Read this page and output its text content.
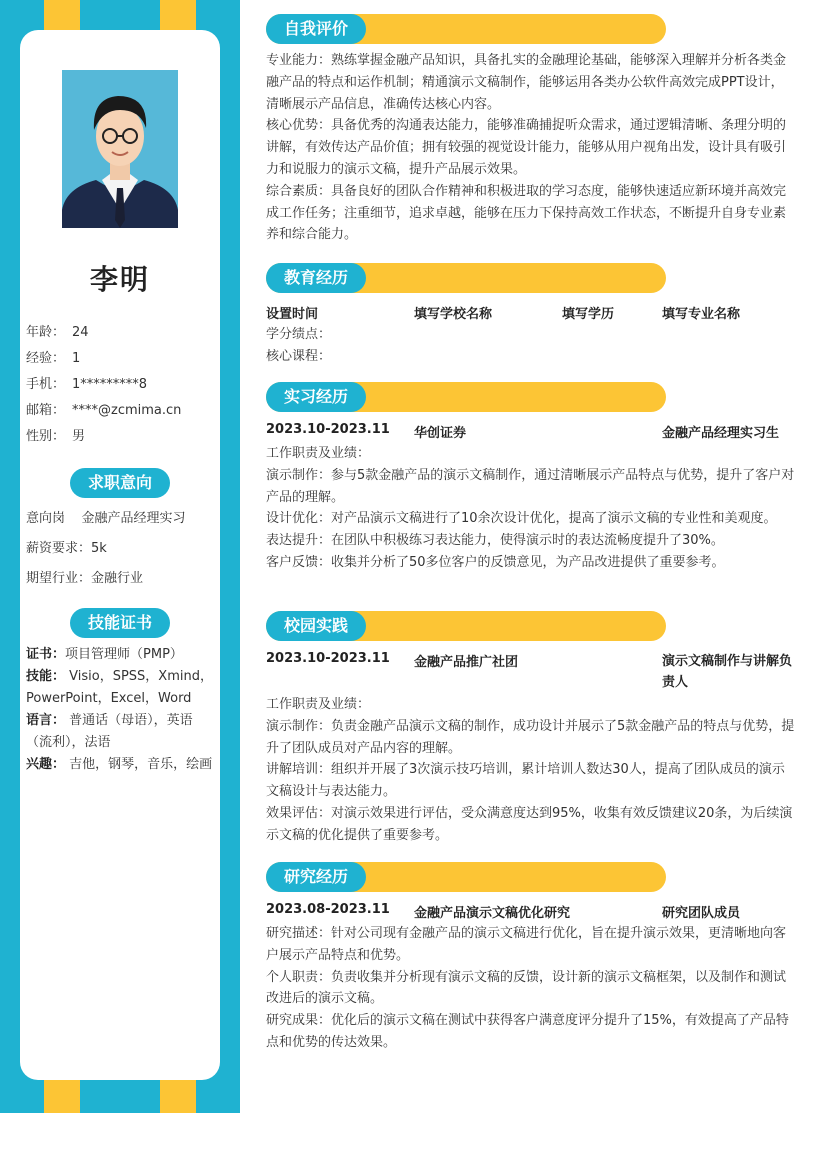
李明
年龄： 24
经验： 1
手机： 1*********8
邮箱： ****@zcmima.cn
性别： 男
求职意向
意向岗    金融产品经理实习
薪资要求：5k
期望行业：金融行业
技能证书
证书：项目管理师（PMP）
技能： Visio，SPSS，Xmind，PowerPoint，Excel，Word
语言： 普通话（母语），英语（流利），法语
兴趣： 吉他，钢琴，音乐，绘画
自我评价
专业能力：熟练掌握金融产品知识，具备扎实的金融理论基础，能够深入理解并分析各类金融产品的特点和运作机制；精通演示文稿制作，能够运用各类办公软件高效完成PPT设计，清晰展示产品信息，准确传达核心内容。
核心优势：具备优秀的沟通表达能力，能够准确捕捉听众需求，通过逻辑清晰、条理分明的讲解，有效传达产品价值；拥有较强的视觉设计能力，能够从用户视角出发，设计具有吸引力和说服力的演示文稿，提升产品展示效果。
综合素质：具备良好的团队合作精神和积极进取的学习态度，能够快速适应新环境并高效完成工作任务；注重细节，追求卓越，能够在压力下保持高效工作状态，不断提升自身专业素养和综合能力。
教育经历
设置时间	填写学校名称	填写学历	填写专业名称
学分绩点：
核心课程：
实习经历
2023.10-2023.11 华创证券	金融产品经理实习生
工作职责及业绩：
演示制作：参与5款金融产品的演示文稿制作，通过清晰展示产品特点与优势，提升了客户对产品的理解。
设计优化：对产品演示文稿进行了10余次设计优化，提高了演示文稿的专业性和美观度。
表达提升：在团队中积极练习表达能力，使得演示时的表达流畅度提升了30%。
客户反馈：收集并分析了50多位客户的反馈意见，为产品改进提供了重要参考。
校园实践
2023.10-2023.11 金融产品推广社团	演示文稿制作与讲解负责人
工作职责及业绩：
演示制作：负责金融产品演示文稿的制作，成功设计并展示了5款金融产品的特点与优势，提升了团队成员对产品内容的理解。
讲解培训：组织并开展了3次演示技巧培训，累计培训人数达30人，提高了团队成员的演示文稿设计与表达能力。
效果评估：对演示效果进行评估，受众满意度达到95%，收集有效反馈建议20条，为后续演示文稿的优化提供了重要参考。
研究经历
2023.08-2023.11 金融产品演示文稿优化研究	研究团队成员
研究描述：针对公司现有金融产品的演示文稿进行优化，旨在提升演示效果，更清晰地向客户展示产品特点和优势。
个人职责：负责收集并分析现有演示文稿的反馈，设计新的演示文稿框架，以及制作和测试改进后的演示文稿。
研究成果：优化后的演示文稿在测试中获得客户满意度评分提升了15%，有效提高了产品特点和优势的传达效果。
